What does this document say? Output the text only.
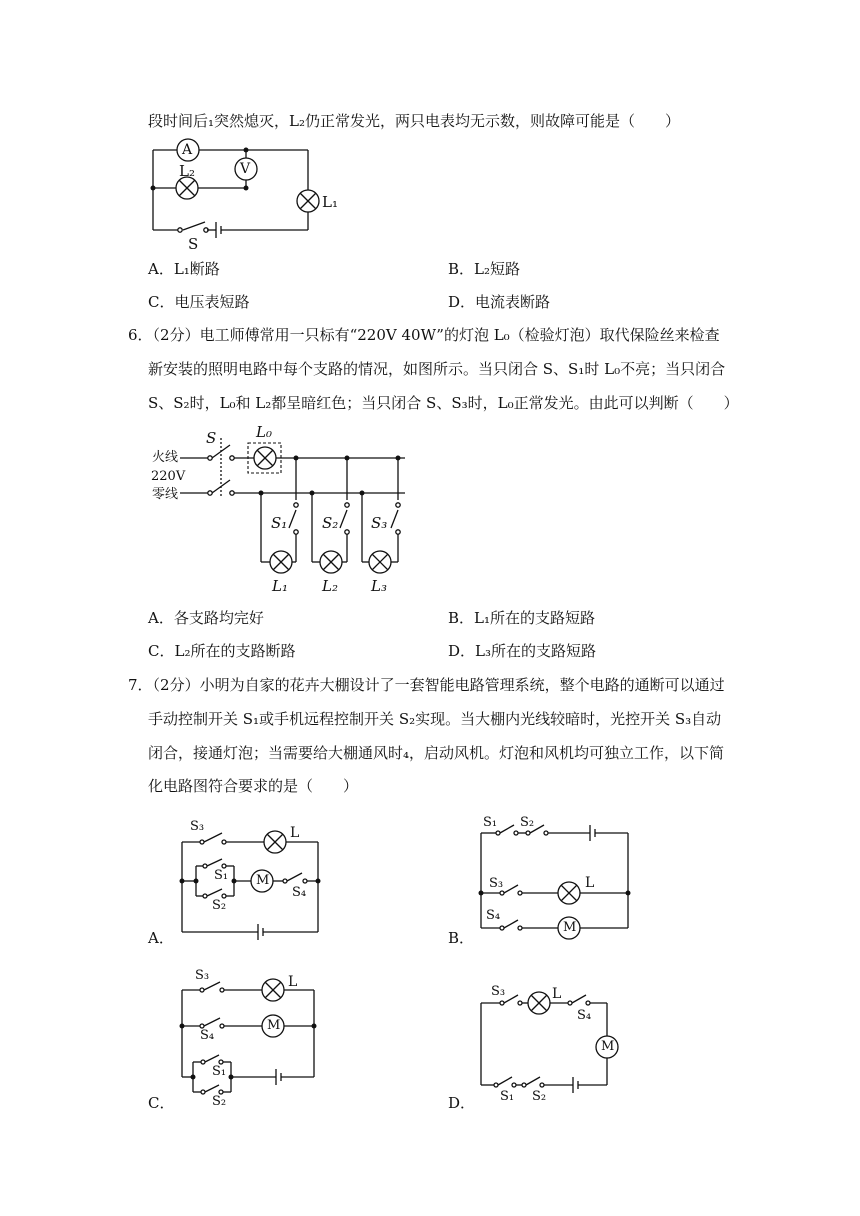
段时间后₁突然熄灭，L₂仍正常发光，两只电表均无示数，则故障可能是（　　）
A
V
L₂
L₁
S
A．L₁断路	B．L₂短路
C．电压表短路	D．电流表断路
6．（2分）电工师傅常用一只标有“220V 40W”的灯泡 L₀（检验灯泡）取代保险丝来检查
新安装的照明电路中每个支路的情况，如图所示。当只闭合 S、S₁时 L₀不亮；当只闭合
S、S₂时，L₀和 L₂都呈暗红色；当只闭合 S、S₃时，L₀正常发光。由此可以判断（　　）
火线
220V
零线
S	L₀
S₁ S₂ S₃
L₁ L₂ L₃
A．各支路均完好	B．L₁所在的支路短路
C．L₂所在的支路断路	D．L₃所在的支路短路
7．（2分）小明为自家的花卉大棚设计了一套智能电路管理系统，整个电路的通断可以通过
手动控制开关 S₁或手机远程控制开关 S₂实现。当大棚内光线较暗时，光控开关 S₃自动
闭合，接通灯泡；当需要给大棚通风时₄，启动风机。灯泡和风机均可独立工作，以下简
化电路图符合要求的是（　　）
S₃	L
S₁
S₂
M
S₄
A．
S₁ S₂
S₃	L
S₄
M
B．
S₃	L
S₄
M
S₁
S₂
C．
S₃	L
S₄
M
S₁ S₂
D．
